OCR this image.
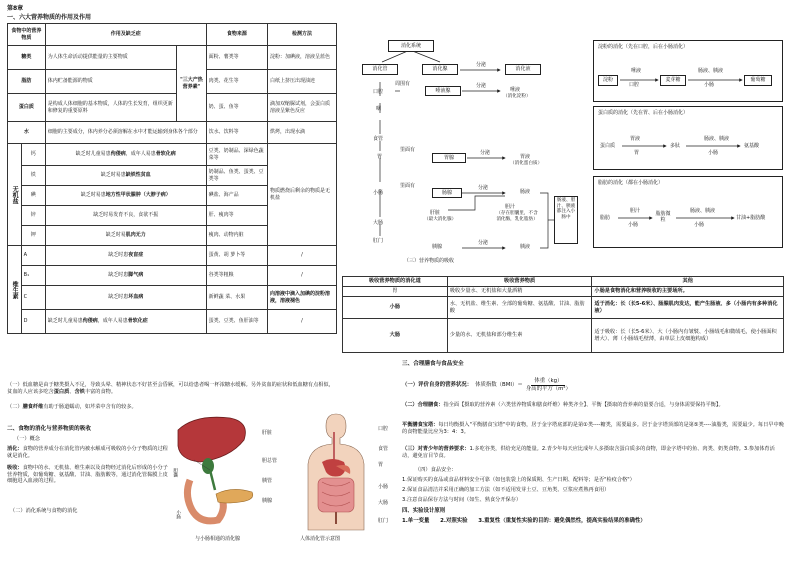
第8章
一、六大营养物质的作用及作用
食物中的营养物质		作用及缺乏症		食物来源	检测方法
糖类		为人体生命活动提供能量的主要物质	"三大产热营养素"	面粉、薯类等	淀粉：加碘液，溶液呈蓝色
脂肪		体内贮备能源的物质		肉类、花生等	白纸上挤压出现油迹
蛋白质		是构成人体细胞的基本物质，人体的生长发育，组织更新和修复的重要原料		奶、蛋、鱼等	滴加双缩脲试剂，会蛋白质溶液呈紫色反应
水		细胞的主要成分，体内养分必须溶解在水中才能运输到身体各个部分		饮水、饮料等	烘烤，出现水滴
无机盐	钙	缺乏时儿童易患佝偻病，成年人易患骨软化病		豆类、奶制品、深绿色蔬菜等	物质燃烧后剩余的物质是无机盐
	铁	缺乏时易患缺铁性贫血		奶制品、鱼类、蛋类、豆类等	
	碘	缺乏时易患地方性甲状腺肿（大脖子病）		碘盐、海产品	
	锌	缺乏时易发育不良，食欲不振		肝、瘦肉等	
	钾	缺乏时易肌肉无力		瘦肉、动物内脏	
维生素	A	缺乏时患夜盲症		蛋黄、胡 萝卜等	/
	B₁	缺乏时患脚气病		谷类等粗粮	/
	C	缺乏时患坏血病		新鲜蔬 菜、水果	向溶液中滴入加碘的淀粉溶液，溶液褪色
	D	缺乏时儿童易患佝偻病，成年人易患骨软化症		蛋类、豆类、鱼肝油等	/
（一）低血糖是由于糖类摄入不足，导致头晕、精神状态不好甚至会昏厥，可以给患者喝一杯浓糖水缓解。另外贫血的症状和低血糖有点相似，贫血的人应该多吃含蛋白质、含铁丰富的食物。
（二）膳食纤维有助于肠道蠕动，如芹菜中含有的较多。
二、食物的消化与营养物质的吸收
（一）概念
消化：食物的营养成分在消化管内被水解成可吸收的小分子物质的过程就是消化。
吸收：食物中的水、无机盐、维生素以及食物经过消化后形成的小分子营养物质，如葡萄糖、氨基酸、甘油、脂肪酸等，通过消化管黏膜上皮细胞进入血液的过程。
（二）消化系统与食物的消化
胆囊
小肠
肝脏
胆总管
胰管
胰腺
与小肠相通的消化腺
口腔
食管
胃
小肠
大肠
肛门
人体消化管示意图
消化系统
消化管	消化腺
分泌
消化液
口腔
周围有
唾液腺
分泌
唾液
（消化淀粉）
咽
食管
胃
里面有
胃腺
分泌
胃液
（消化蛋白质）
小肠
里面有
肠腺
分泌
肠液
肝脏
（最大消化腺）
胆汁
（存在胆囊里，不含消化酶，乳化脂肪）
肠液、胆汁、胰液都注入小肠中
大肠
肛门
胰腺
分泌
胰液
（三）营养物质的吸收
淀粉的消化（先在口腔，后在小肠消化）
淀粉
唾液
口腔
麦芽糖
肠液、胰液
小肠
葡萄糖
蛋白质的消化（先在胃、后在小肠消化）
蛋白质
胃液
胃
多肽
肠液、胰液
小肠
氨基酸
脂肪的消化（都在小肠消化）
脂肪
胆汁
小肠
脂肪微粒
肠液、胰液
小肠
甘油+脂肪酸
吸收营养物质的消化道	吸收营养物质	其他
胃	吸收少量水、无机盐和大量酒精	小肠是食物消化和营养吸收的主要场所。
小肠	水、无机盐、维生素、全部的葡萄糖、氨基酸、甘油、脂肪酸	适于消化：长（长5-6米）、肠腺肌肉发达，能产生肠液、多（小肠内有多种消化液）
大肠	少量的水、无机盐和部分维生素	适于吸收：长（长5-6米）、大（小肠内有皱襞、小肠绒毛和微绒毛，使小肠面积增大）、薄（小肠绒毛壁薄，由单层上皮细胞构成）
三、合理膳食与食品安全
（一）评价自身的营养状况： 体质指数（BMI）＝
体重（kg）
身高的平方（m²）
（二）合理膳食：指全面【摄取的营养素（六类营养物质和膳食纤维）种类齐全】、平衡【摄取的营养素的量要合适，与身体需要保持平衡】。
平衡膳食宝塔：每日均衡摄入"平衡膳食宝塔"中的食物，居于金字塔底部的是第①类----糖类，需要最多。居于金字塔顶部的是第⑤类----油脂类，需要最少。每日早中晚的食物能量比应为3：4：3。
（三）对青少年的营养要求：1.多吃谷类，供给充足的能量。2.青少年每天应比成年人多摄取含蛋白质多的食物，即金字塔中的鱼、肉类、奶类食物。3.参加体育活动，避免盲目节食。
（四）食品安全：
1.保证购买的食品或食品材料安全可靠（如包装袋上的保质期、生产日期、配料等；是否"检疫合格"）
2.保证食品清洁并采用正确的加工方法（如不适用发芽土豆、豆角类、豆浆应煮熟再食用）
3.注意食品保存方法与时间（如生、熟食分开保存）
四、实验设计原则
1.单一变量　　2.对照实验　　3.重复性（重复性实验的目的：避免偶然性，提高实验结果的准确性）
